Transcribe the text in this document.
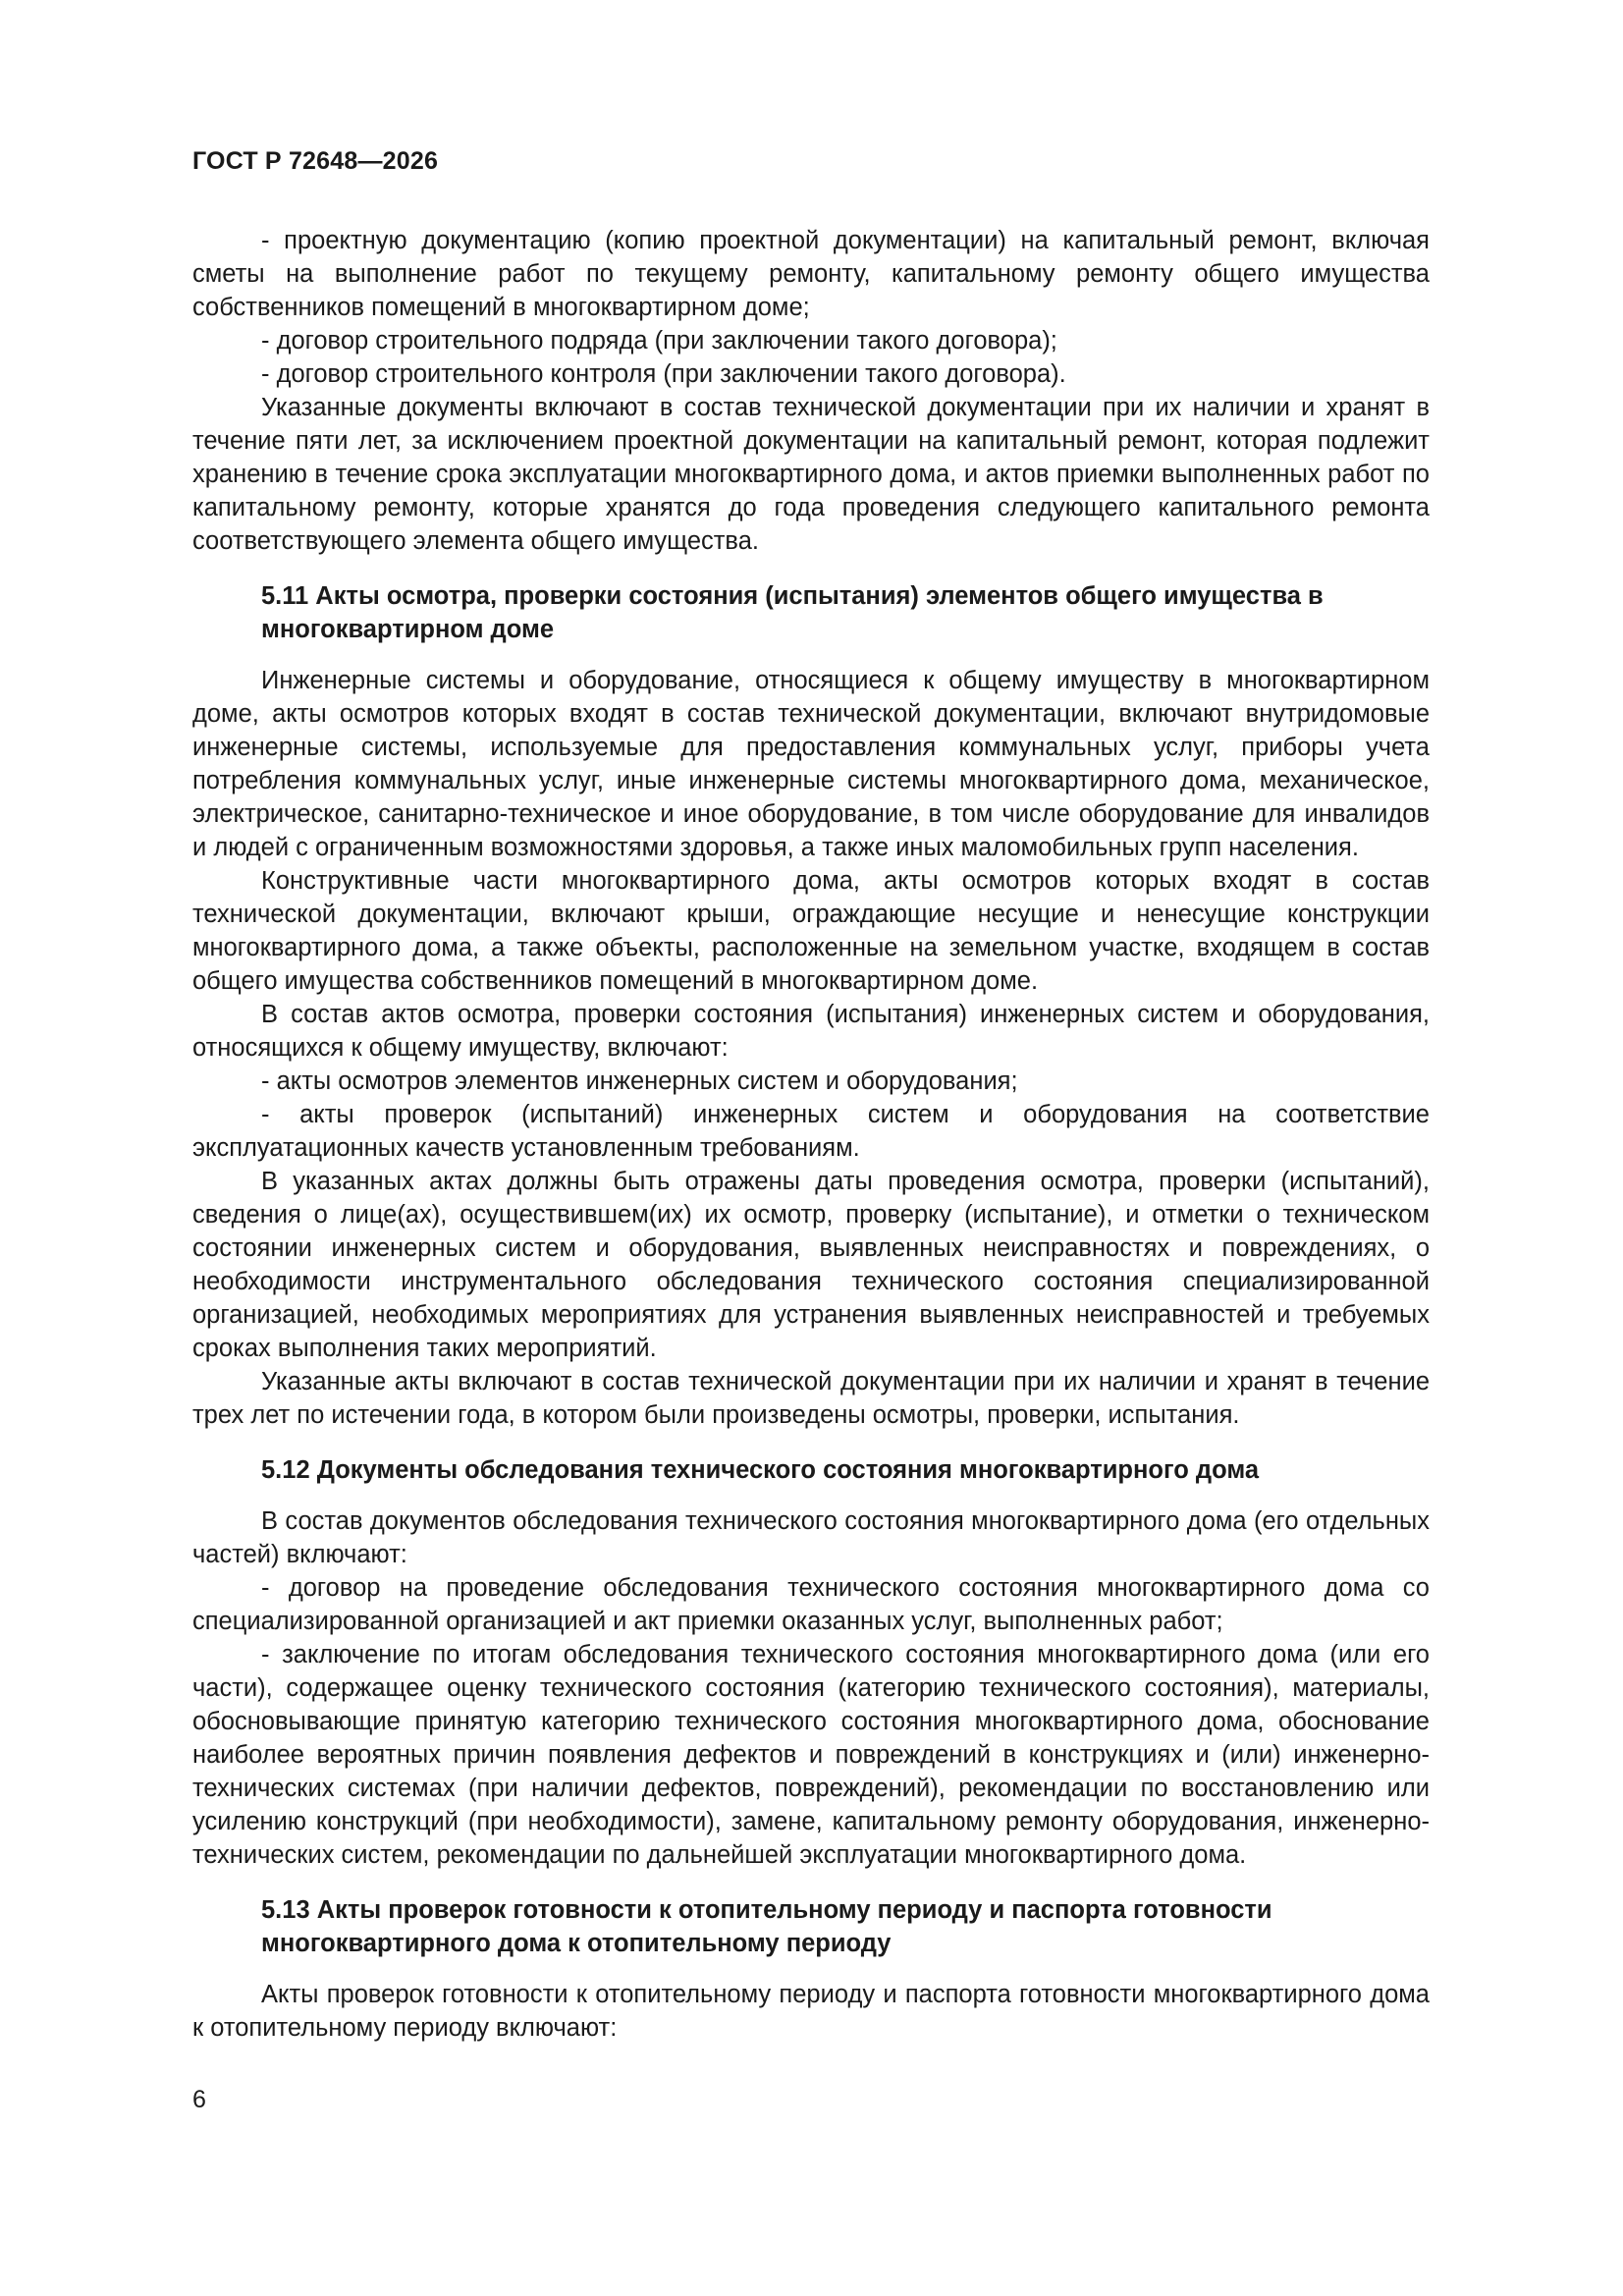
ГОСТ Р 72648—2026

- проектную документацию (копию проектной документации) на капитальный ремонт, включая сметы на выполнение работ по текущему ремонту, капитальному ремонту общего имущества собственников помещений в многоквартирном доме;

- договор строительного подряда (при заключении такого договора);

- договор строительного контроля (при заключении такого договора).

Указанные документы включают в состав технической документации при их наличии и хранят в течение пяти лет, за исключением проектной документации на капитальный ремонт, которая подлежит хранению в течение срока эксплуатации многоквартирного дома, и актов приемки выполненных работ по капитальному ремонту, которые хранятся до года проведения следующего капитального ремонта соответствующего элемента общего имущества.

5.11 Акты осмотра, проверки состояния (испытания) элементов общего имущества в многоквартирном доме

Инженерные системы и оборудование, относящиеся к общему имуществу в многоквартирном доме, акты осмотров которых входят в состав технической документации, включают внутридомовые инженерные системы, используемые для предоставления коммунальных услуг, приборы учета потребления коммунальных услуг, иные инженерные системы многоквартирного дома, механическое, электрическое, санитарно-техническое и иное оборудование, в том числе оборудование для инвалидов и людей с ограниченным возможностями здоровья, а также иных маломобильных групп населения.

Конструктивные части многоквартирного дома, акты осмотров которых входят в состав технической документации, включают крыши, ограждающие несущие и ненесущие конструкции многоквартирного дома, а также объекты, расположенные на земельном участке, входящем в состав общего имущества собственников помещений в многоквартирном доме.

В состав актов осмотра, проверки состояния (испытания) инженерных систем и оборудования, относящихся к общему имуществу, включают:

- акты осмотров элементов инженерных систем и оборудования;

- акты проверок (испытаний) инженерных систем и оборудования на соответствие эксплуатационных качеств установленным требованиям.

В указанных актах должны быть отражены даты проведения осмотра, проверки (испытаний), сведения о лице(ах), осуществившем(их) их осмотр, проверку (испытание), и отметки о техническом состоянии инженерных систем и оборудования, выявленных неисправностях и повреждениях, о необходимости инструментального обследования технического состояния специализированной организацией, необходимых мероприятиях для устранения выявленных неисправностей и требуемых сроках выполнения таких мероприятий.

Указанные акты включают в состав технической документации при их наличии и хранят в течение трех лет по истечении года, в котором были произведены осмотры, проверки, испытания.

5.12 Документы обследования технического состояния многоквартирного дома

В состав документов обследования технического состояния многоквартирного дома (его отдельных частей) включают:

- договор на проведение обследования технического состояния многоквартирного дома со специализированной организацией и акт приемки оказанных услуг, выполненных работ;

- заключение по итогам обследования технического состояния многоквартирного дома (или его части), содержащее оценку технического состояния (категорию технического состояния), материалы, обосновывающие принятую категорию технического состояния многоквартирного дома, обоснование наиболее вероятных причин появления дефектов и повреждений в конструкциях и (или) инженерно-технических системах (при наличии дефектов, повреждений), рекомендации по восстановлению или усилению конструкций (при необходимости), замене, капитальному ремонту оборудования, инженерно-технических систем, рекомендации по дальнейшей эксплуатации многоквартирного дома.

5.13 Акты проверок готовности к отопительному периоду и паспорта готовности многоквартирного дома к отопительному периоду

Акты проверок готовности к отопительному периоду и паспорта готовности многоквартирного дома к отопительному периоду включают:

6
